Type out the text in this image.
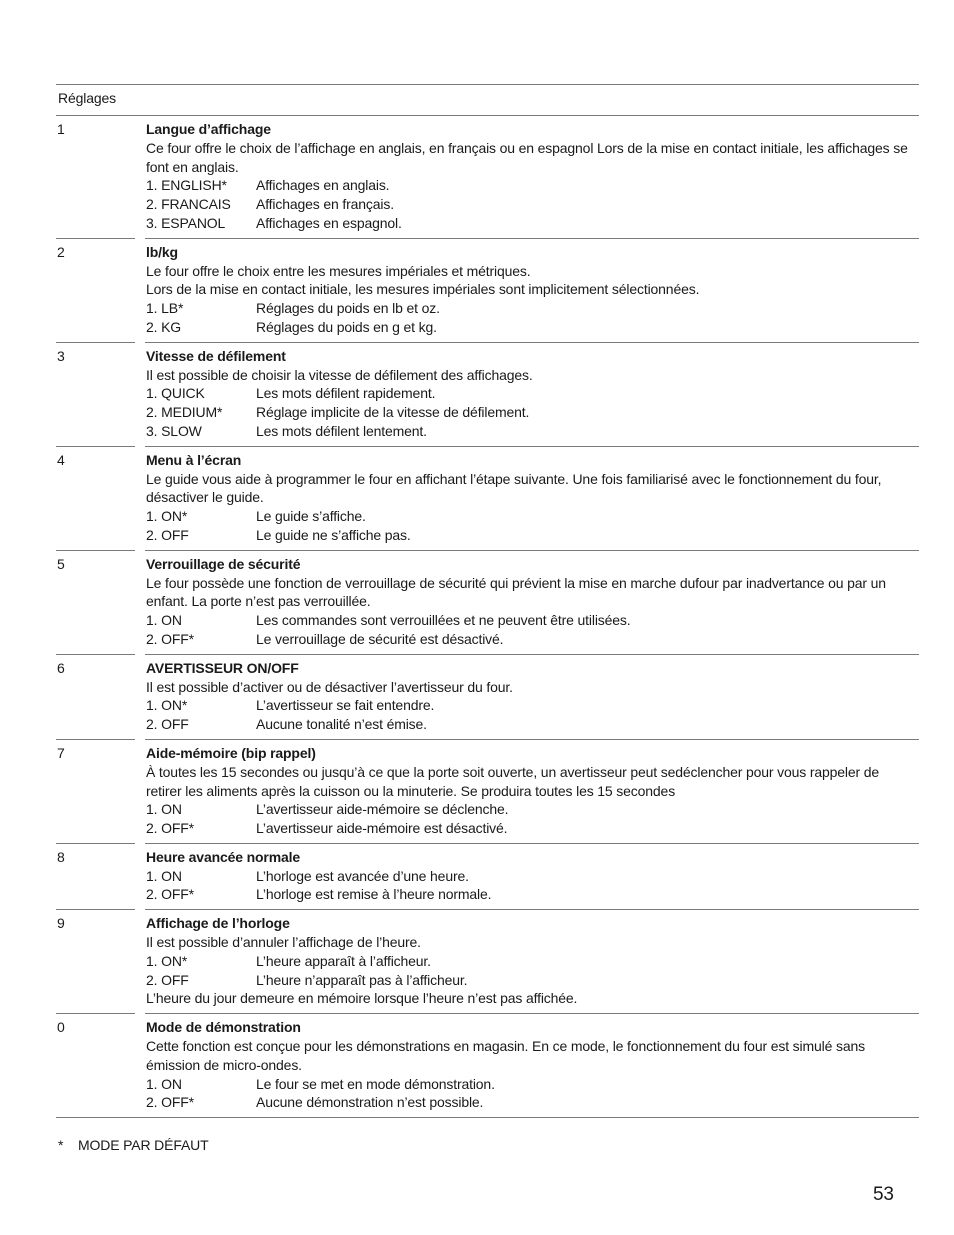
Réglages
1	Langue d’affichage
Ce four offre le choix de l’affichage en anglais, en français ou en espagnol Lors de la mise en contact initiale, les affichages se font en anglais.
1. ENGLISH*	Affichages en anglais.
2. FRANCAIS	Affichages en français.
3. ESPANOL	Affichages en espagnol.
2	lb/kg
Le four offre le choix entre les mesures impériales et métriques.
Lors de la mise en contact initiale, les mesures impériales sont implicitement sélectionnées.
1. LB*	Réglages du poids en lb et oz.
2. KG	Réglages du poids en g et kg.
3	Vitesse de défilement
Il est possible de choisir la vitesse de défilement des affichages.
1. QUICK	Les mots défilent rapidement.
2. MEDIUM*	Réglage implicite de la vitesse de défilement.
3. SLOW	Les mots défilent lentement.
4	Menu à l’écran
Le guide vous aide à programmer le four en affichant l’étape suivante. Une fois familiarisé avec le fonctionnement du four, désactiver le guide.
1. ON*	Le guide s’affiche.
2. OFF	Le guide ne s’affiche pas.
5	Verrouillage de sécurité
Le four possède une fonction de verrouillage de sécurité qui prévient la mise en marche dufour par inadvertance ou par un enfant. La porte n’est pas verrouillée.
1. ON	Les commandes sont verrouillées et ne peuvent être utilisées.
2. OFF*	Le verrouillage de sécurité est désactivé.
6	AVERTISSEUR ON/OFF
Il est possible d’activer ou de désactiver l’avertisseur du four.
1. ON*	L’avertisseur se fait entendre.
2. OFF	Aucune tonalité n’est émise.
7	Aide-mémoire (bip rappel)
À toutes les 15 secondes ou jusqu’à ce que la porte soit ouverte, un avertisseur peut sedéclencher pour vous rappeler de retirer les aliments après la cuisson ou la minuterie. Se produira toutes les 15 secondes
1. ON	L’avertisseur aide-mémoire se déclenche.
2. OFF*	L’avertisseur aide-mémoire est désactivé.
8	Heure avancée normale
1. ON	L’horloge est avancée d’une heure.
2. OFF*	L’horloge est remise à l’heure normale.
9	Affichage de l’horloge
Il est possible d’annuler l’affichage de l’heure.
1. ON*	L’heure apparaît à l’afficheur.
2. OFF	L’heure n’apparaît pas à l’afficheur.
L’heure du jour demeure en mémoire lorsque l’heure n’est pas affichée.
0	Mode de démonstration
Cette fonction est conçue pour les démonstrations en magasin. En ce mode, le fonctionnement du four est simulé sans émission de micro-ondes.
1. ON	Le four se met en mode démonstration.
2. OFF*	Aucune démonstration n’est possible.
*	MODE PAR DÉFAUT
53
